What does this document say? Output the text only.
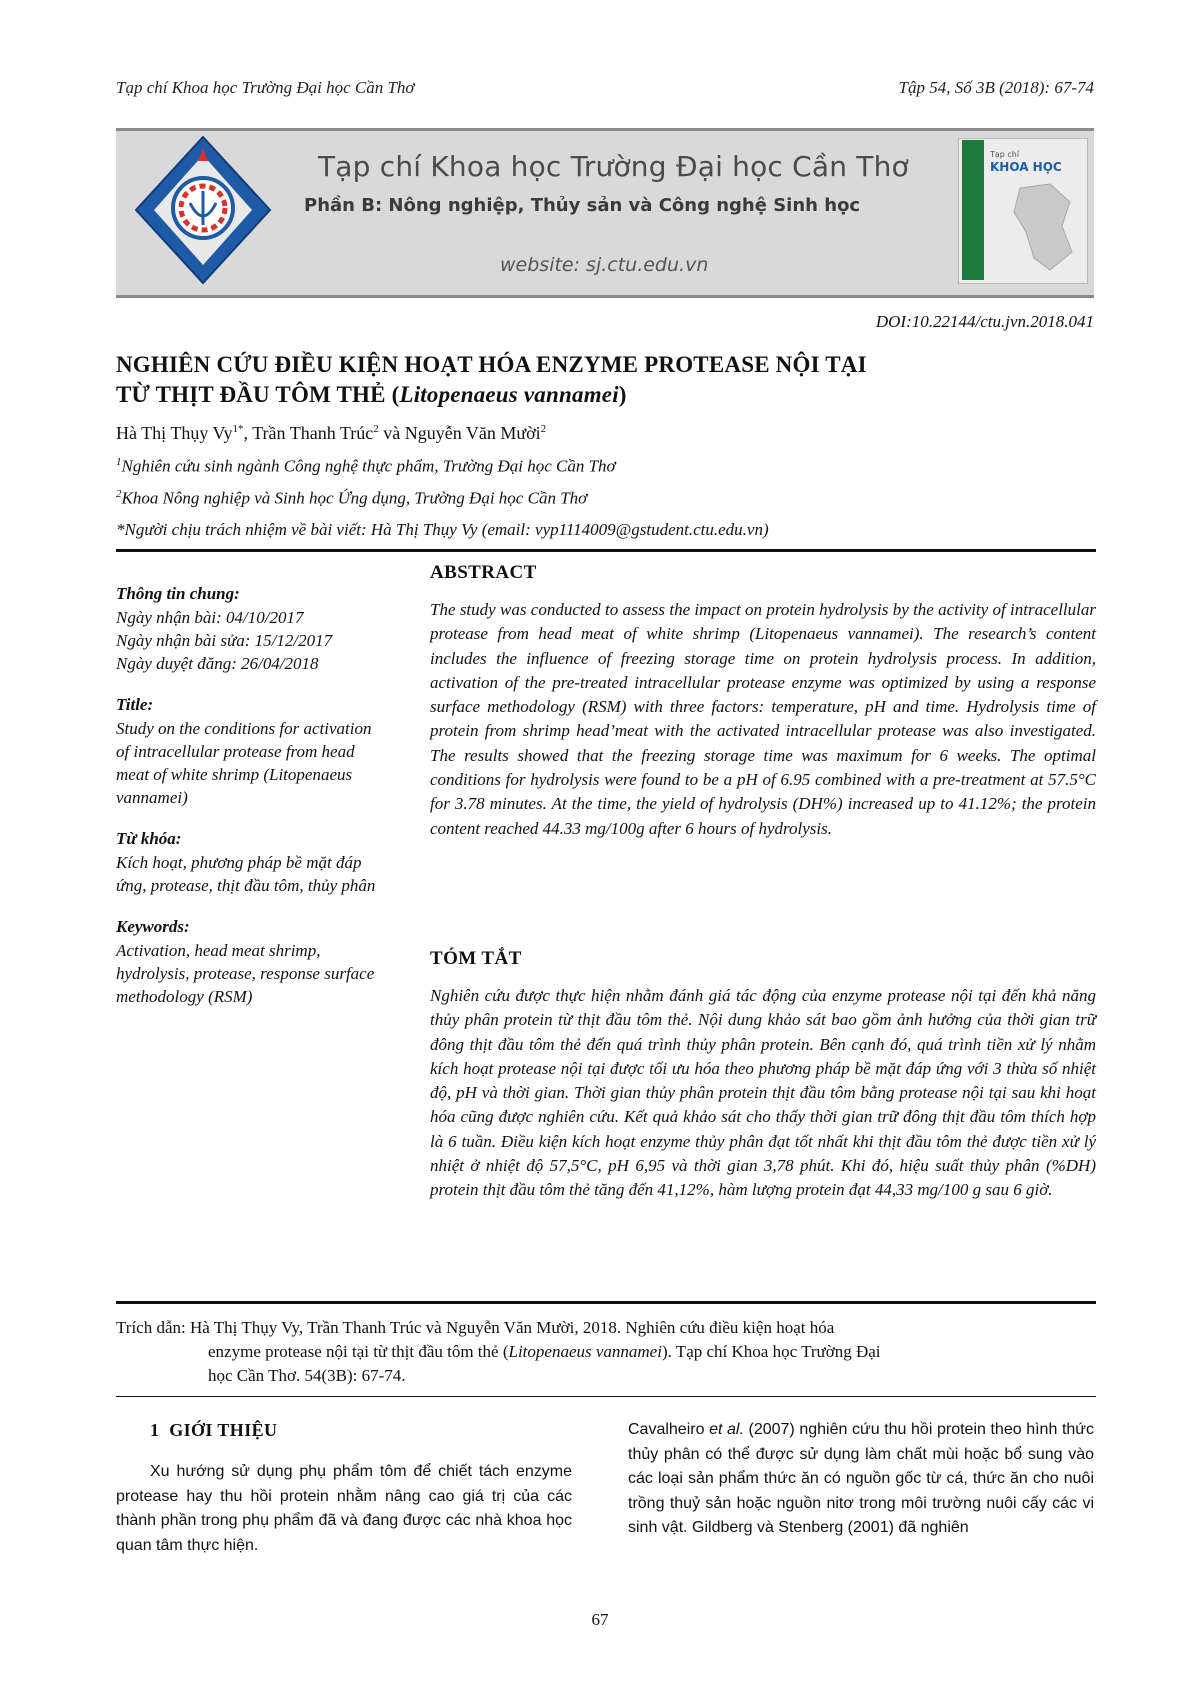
Tạp chí Khoa học Trường Đại học Cần Thơ	Tập 54, Số 3B (2018): 67-74
Tạp chí Khoa học Trường Đại học Cần Thơ
Phần B: Nông nghiệp, Thủy sản và Công nghệ Sinh học
website: sj.ctu.edu.vn
Tạp chí
KHOA HỌC
DOI:10.22144/ctu.jvn.2018.041
NGHIÊN CỨU ĐIỀU KIỆN HOẠT HÓA ENZYME PROTEASE NỘI TẠI
TỪ THỊT ĐẦU TÔM THẺ (Litopenaeus vannamei)
Hà Thị Thụy $Vy^{1*}$, Trần Thanh Trúc$^2$ và Nguyễn Văn Mười$^2$
$^1$Nghiên cứu sinh ngành Công nghệ thực phẩm, Trường Đại học Cần Thơ
$^2$Khoa Nông nghiệp và Sinh học Ứng dụng, Trường Đại học Cần Thơ
*Người chịu trách nhiệm về bài viết: Hà Thị Thụy Vy (email: vyp1114009@gstudent.ctu.edu.vn)
Thông tin chung:
Ngày nhận bài: 04/10/2017
Ngày nhận bài sửa: 15/12/2017
Ngày duyệt đăng: 26/04/2018
Title:
Study on the conditions for activation of intracellular protease from head meat of white shrimp (Litopenaeus vannamei)
Từ khóa:
Kích hoạt, phương pháp bề mặt đáp ứng, protease, thịt đầu tôm, thủy phân
Keywords:
Activation, head meat shrimp, hydrolysis, protease, response surface methodology (RSM)
ABSTRACT
The study was conducted to assess the impact on protein hydrolysis by the activity of intracellular protease from head meat of white shrimp (Litopenaeus vannamei). The research’s content includes the influence of freezing storage time on protein hydrolysis process. In addition, activation of the pre-treated intracellular protease enzyme was optimized by using a response surface methodology (RSM) with three factors: temperature, pH and time. Hydrolysis time of protein from shrimp head’meat with the activated intracellular protease was also investigated. The results showed that the freezing storage time was maximum for 6 weeks. The optimal conditions for hydrolysis were found to be a pH of 6.95 combined with a pre-treatment at 57.5°C for 3.78 minutes. At the time, the yield of hydrolysis (DH%) increased up to 41.12%; the protein content reached 44.33 mg/100g after 6 hours of hydrolysis.
TÓM TẮT
Nghiên cứu được thực hiện nhằm đánh giá tác động của enzyme protease nội tại đến khả năng thủy phân protein từ thịt đầu tôm thẻ. Nội dung khảo sát bao gồm ảnh hưởng của thời gian trữ đông thịt đầu tôm thẻ đến quá trình thủy phân protein. Bên cạnh đó, quá trình tiền xử lý nhằm kích hoạt protease nội tại được tối ưu hóa theo phương pháp bề mặt đáp ứng với 3 thừa số nhiệt độ, pH và thời gian. Thời gian thủy phân protein thịt đầu tôm bằng protease nội tại sau khi hoạt hóa cũng được nghiên cứu. Kết quả khảo sát cho thấy thời gian trữ đông thịt đầu tôm thích hợp là 6 tuần. Điều kiện kích hoạt enzyme thủy phân đạt tốt nhất khi thịt đầu tôm thẻ được tiền xử lý nhiệt ở nhiệt độ 57,5°C, pH 6,95 và thời gian 3,78 phút. Khi đó, hiệu suất thủy phân (%DH) protein thịt đầu tôm thẻ tăng đến 41,12%, hàm lượng protein đạt 44,33 mg/100 g sau 6 giờ.
Trích dẫn: Hà Thị Thụy Vy, Trần Thanh Trúc và Nguyễn Văn Mười, 2018. Nghiên cứu điều kiện hoạt hóa
enzyme protease nội tại từ thịt đầu tôm thẻ (Litopenaeus vannamei). Tạp chí Khoa học Trường Đại
học Cần Thơ. 54(3B): 67-74.
1 GIỚI THIỆU
Xu hướng sử dụng phụ phẩm tôm để chiết tách enzyme protease hay thu hồi protein nhằm nâng cao giá trị của các thành phần trong phụ phẩm đã và đang được các nhà khoa học quan tâm thực hiện.
Cavalheiro et al. (2007) nghiên cứu thu hồi protein theo hình thức thủy phân có thể được sử dụng làm chất mùi hoặc bổ sung vào các loại sản phẩm thức ăn có nguồn gốc từ cá, thức ăn cho nuôi trồng thuỷ sản hoặc nguồn nitơ trong môi trường nuôi cấy các vi sinh vật. Gildberg và Stenberg (2001) đã nghiên
67
